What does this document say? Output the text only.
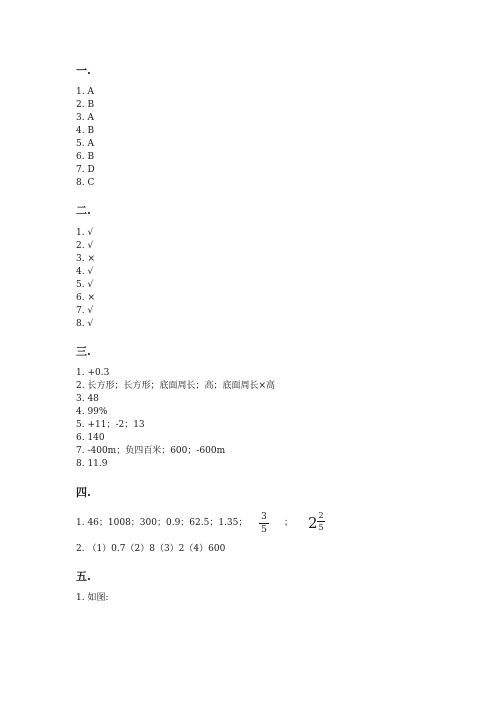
一.
1. A
2. B
3. A
4. B
5. A
6. B
7. D
8. C
二.
1. √
2. √
3. ×
4. √
5. √
6. ×
7. √
8. √
三.
1. +0.3
2. 长方形；长方形；底面周长；高；底面周长×高
3. 48
4. 99%
5. +11；-2；13
6. 140
7. -400m；负四百米；600；-600m
8. 11.9
四.
1. 46；1008；300；0.9；62.5；1.35；
3
5
； 2 2
5
2. （1）0.7（2）8（3）2（4）600
五.
1. 如图:
